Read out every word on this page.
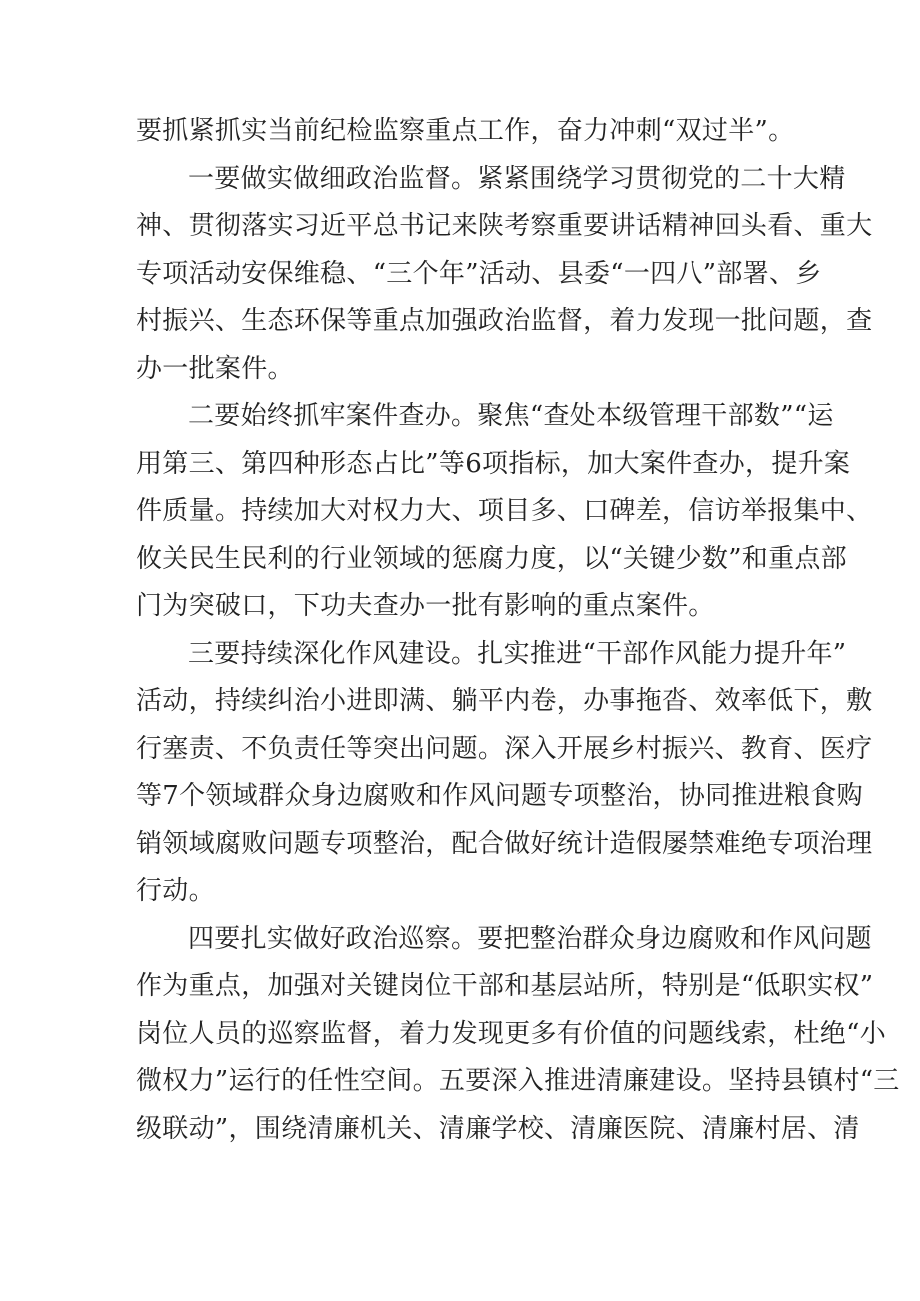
要抓紧抓实当前纪检监察重点工作，奋力冲刺“双过半”。
一要做实做细政治监督。紧紧围绕学习贯彻党的二十大精
神、贯彻落实习近平总书记来陕考察重要讲话精神回头看、重大
专项活动安保维稳、“三个年”活动、县委“一四八”部署、乡
村振兴、生态环保等重点加强政治监督，着力发现一批问题，查
办一批案件。
二要始终抓牢案件查办。聚焦“查处本级管理干部数”“运
用第三、第四种形态占比”等6项指标，加大案件查办，提升案
件质量。持续加大对权力大、项目多、口碑差，信访举报集中、
攸关民生民利的行业领域的惩腐力度，以“关键少数”和重点部
门为突破口，下功夫查办一批有影响的重点案件。
三要持续深化作风建设。扎实推进“干部作风能力提升年”
活动，持续纠治小进即满、躺平内卷，办事拖沓、效率低下，敷
行塞责、不负责任等突出问题。深入开展乡村振兴、教育、医疗
等7个领域群众身边腐败和作风问题专项整治，协同推进粮食购
销领域腐败问题专项整治，配合做好统计造假屡禁难绝专项治理
行动。
四要扎实做好政治巡察。要把整治群众身边腐败和作风问题
作为重点，加强对关键岗位干部和基层站所，特别是“低职实权”
岗位人员的巡察监督，着力发现更多有价值的问题线索，杜绝“小
微权力”运行的任性空间。五要深入推进清廉建设。坚持县镇村“三
级联动”，围绕清廉机关、清廉学校、清廉医院、清廉村居、清
